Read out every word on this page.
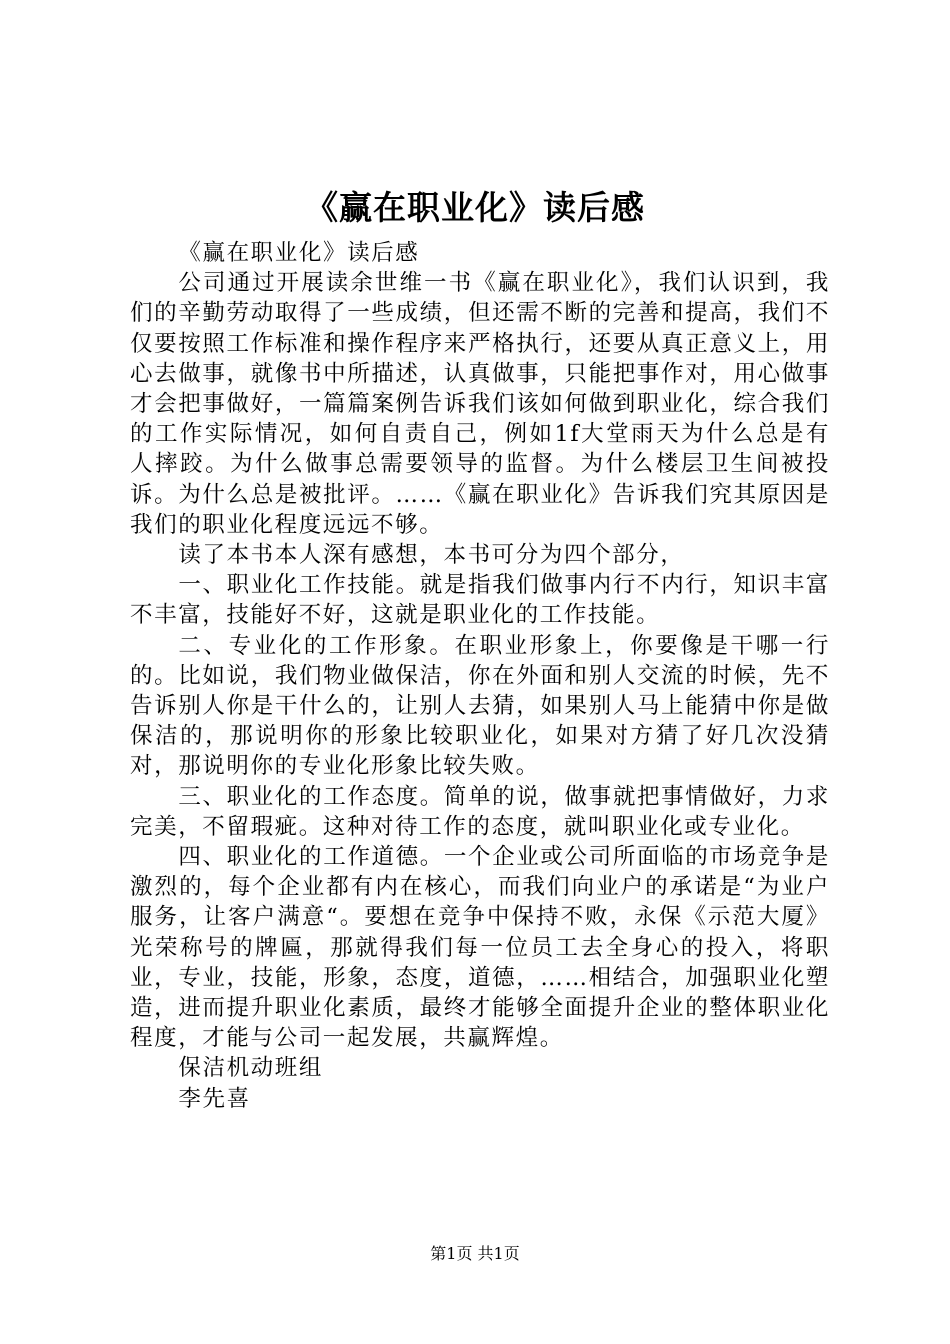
《赢在职业化》读后感

《赢在职业化》读后感

公司通过开展读余世维一书《赢在职业化》，我们认识到，我们的辛勤劳动取得了一些成绩，但还需不断的完善和提高，我们不仅要按照工作标准和操作程序来严格执行，还要从真正意义上，用心去做事，就像书中所描述，认真做事，只能把事作对，用心做事才会把事做好，一篇篇案例告诉我们该如何做到职业化，综合我们的工作实际情况，如何自责自己，例如1f大堂雨天为什么总是有人摔跤。为什么做事总需要领导的监督。为什么楼层卫生间被投诉。为什么总是被批评。……《赢在职业化》告诉我们究其原因是我们的职业化程度远远不够。

读了本书本人深有感想，本书可分为四个部分，

一、职业化工作技能。就是指我们做事内行不内行，知识丰富不丰富，技能好不好，这就是职业化的工作技能。

二、专业化的工作形象。在职业形象上，你要像是干哪一行的。比如说，我们物业做保洁，你在外面和别人交流的时候，先不告诉别人你是干什么的，让别人去猜，如果别人马上能猜中你是做保洁的，那说明你的形象比较职业化，如果对方猜了好几次没猜对，那说明你的专业化形象比较失败。

三、职业化的工作态度。简单的说，做事就把事情做好，力求完美，不留瑕疵。这种对待工作的态度，就叫职业化或专业化。

四、职业化的工作道德。一个企业或公司所面临的市场竞争是激烈的，每个企业都有内在核心，而我们向业户的承诺是“为业户服务，让客户满意“。要想在竞争中保持不败，永保《示范大厦》光荣称号的牌匾，那就得我们每一位员工去全身心的投入，将职业，专业，技能，形象，态度，道德，……相结合，加强职业化塑造，进而提升职业化素质，最终才能够全面提升企业的整体职业化程度，才能与公司一起发展，共赢辉煌。

保洁机动班组

李先喜

第1页 共1页
